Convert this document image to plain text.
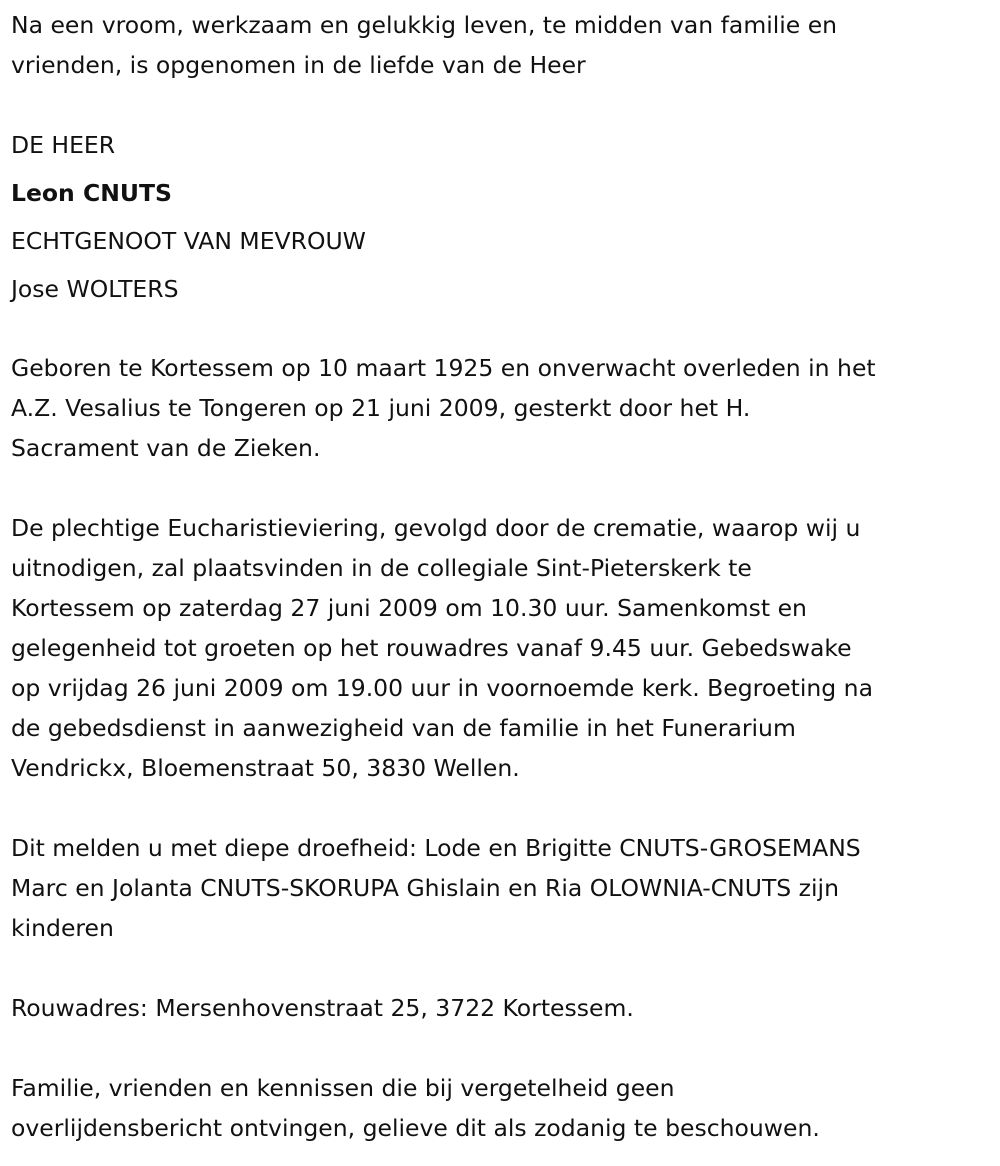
Na een vroom, werkzaam en gelukkig leven, te midden van familie en
vrienden, is opgenomen in de liefde van de Heer
DE HEER
Leon CNUTS
ECHTGENOOT VAN MEVROUW
Jose WOLTERS
Geboren te Kortessem op 10 maart 1925 en onverwacht overleden in het
A.Z. Vesalius te Tongeren op 21 juni 2009, gesterkt door het H.
Sacrament van de Zieken.
De plechtige Eucharistieviering, gevolgd door de crematie, waarop wij u
uitnodigen, zal plaatsvinden in de collegiale Sint-Pieterskerk te
Kortessem op zaterdag 27 juni 2009 om 10.30 uur. Samenkomst en
gelegenheid tot groeten op het rouwadres vanaf 9.45 uur. Gebedswake
op vrijdag 26 juni 2009 om 19.00 uur in voornoemde kerk. Begroeting na
de gebedsdienst in aanwezigheid van de familie in het Funerarium
Vendrickx, Bloemenstraat 50, 3830 Wellen.
Dit melden u met diepe droefheid: Lode en Brigitte CNUTS-GROSEMANS
Marc en Jolanta CNUTS-SKORUPA Ghislain en Ria OLOWNIA-CNUTS zijn
kinderen
Rouwadres: Mersenhovenstraat 25, 3722 Kortessem.
Familie, vrienden en kennissen die bij vergetelheid geen
overlijdensbericht ontvingen, gelieve dit als zodanig te beschouwen.
